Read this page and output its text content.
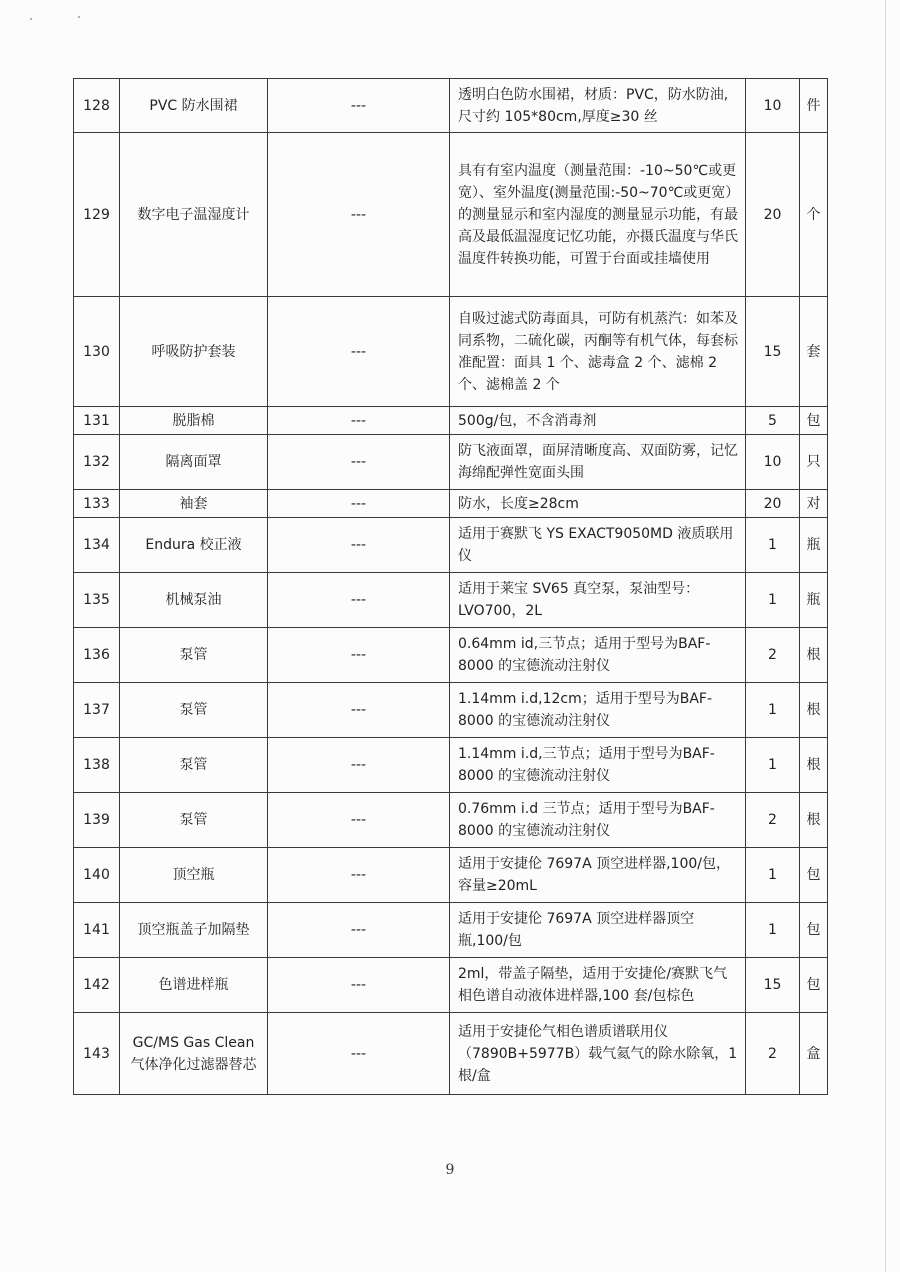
128	PVC 防水围裙	---	透明白色防水围裙，材质：PVC，防水防油,尺寸约 105*80cm,厚度≥30 丝	10	件
129	数字电子温湿度计	---	具有有室内温度（测量范围：-10~50℃或更宽）、室外温度(测量范围:-50~70℃或更宽）的测量显示和室内湿度的测量显示功能，有最高及最低温湿度记忆功能，亦摄氏温度与华氏温度件转换功能，可置于台面或挂墙使用	20	个
130	呼吸防护套装	---	自吸过滤式防毒面具，可防有机蒸汽：如苯及同系物，二硫化碳，丙酮等有机气体，每套标准配置：面具 1 个、滤毒盒 2 个、滤棉 2 个、滤棉盖 2 个	15	套
131	脱脂棉	---	500g/包，不含消毒剂	5	包
132	隔离面罩	---	防飞液面罩，面屏清晰度高、双面防雾，记忆海绵配弹性宽面头围	10	只
133	袖套	---	防水，长度≥28cm	20	对
134	Endura 校正液	---	适用于赛默飞 YS EXACT9050MD 液质联用仪	1	瓶
135	机械泵油	---	适用于莱宝 SV65 真空泵，泵油型号：LVO700，2L	1	瓶
136	泵管	---	0.64mm id,三节点；适用于型号为BAF-8000 的宝德流动注射仪	2	根
137	泵管	---	1.14mm i.d,12cm；适用于型号为BAF-8000 的宝德流动注射仪	1	根
138	泵管	---	1.14mm i.d,三节点；适用于型号为BAF-8000 的宝德流动注射仪	1	根
139	泵管	---	0.76mm i.d 三节点；适用于型号为BAF-8000 的宝德流动注射仪	2	根
140	顶空瓶	---	适用于安捷伦 7697A 顶空进样器,100/包，容量≥20mL	1	包
141	顶空瓶盖子加隔垫	---	适用于安捷伦 7697A 顶空进样器顶空瓶,100/包	1	包
142	色谱进样瓶	---	2ml，带盖子隔垫，适用于安捷伦/赛默飞气相色谱自动液体进样器,100 套/包棕色	15	包
143	GC/MS Gas Clean 气体净化过滤器替芯	---	适用于安捷伦气相色谱质谱联用仪（7890B+5977B）载气氦气的除水除氧，1 根/盒	2	盒
9
